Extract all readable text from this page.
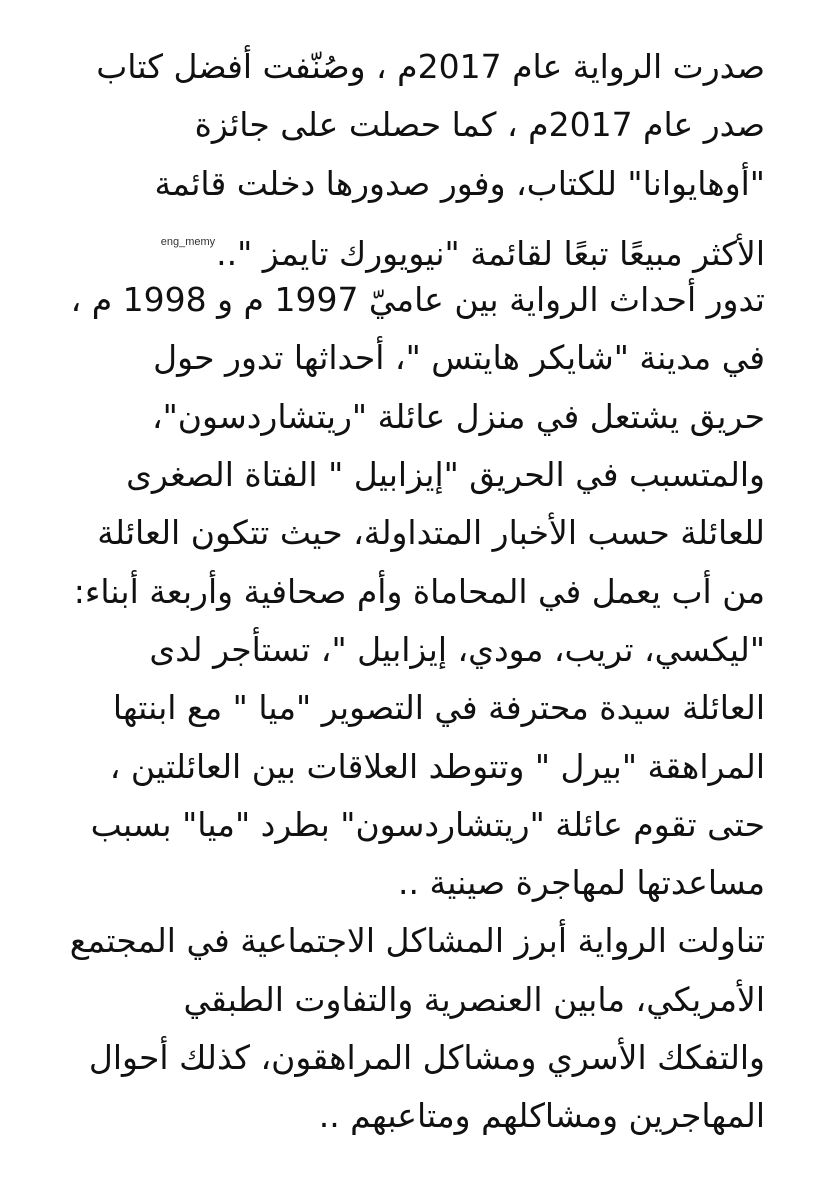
صدرت الرواية عام 2017م ، وصُنّفت أفضل كتاب
صدر عام 2017م ، كما حصلت على جائزة
"أوهايوانا" للكتاب، وفور صدورها دخلت قائمة
الأكثر مبيعًا تبعًا لقائمة "نيويورك تايمز "..$^{eng\_memy}$
تدور أحداث الرواية بين عاميّ 1997 م و 1998 م ،
في مدينة "شايكر هايتس "، أحداثها تدور حول
حريق يشتعل في منزل عائلة "ريتشاردسون"،
والمتسبب في الحريق "إيزابيل " الفتاة الصغرى
للعائلة حسب الأخبار المتداولة، حيث تتكون العائلة
من أب يعمل في المحاماة وأم صحافية وأربعة أبناء:
"ليكسي، تريب، مودي، إيزابيل "، تستأجر لدى
العائلة سيدة محترفة في التصوير "ميا " مع ابنتها
المراهقة "بيرل " وتتوطد العلاقات بين العائلتين ،
حتى تقوم عائلة "ريتشاردسون" بطرد "ميا" بسبب
مساعدتها لمهاجرة صينية ..
تناولت الرواية أبرز المشاكل الاجتماعية في المجتمع
الأمريكي، مابين العنصرية والتفاوت الطبقي
والتفكك الأسري ومشاكل المراهقون، كذلك أحوال
المهاجرين ومشاكلهم ومتاعبهم ..
